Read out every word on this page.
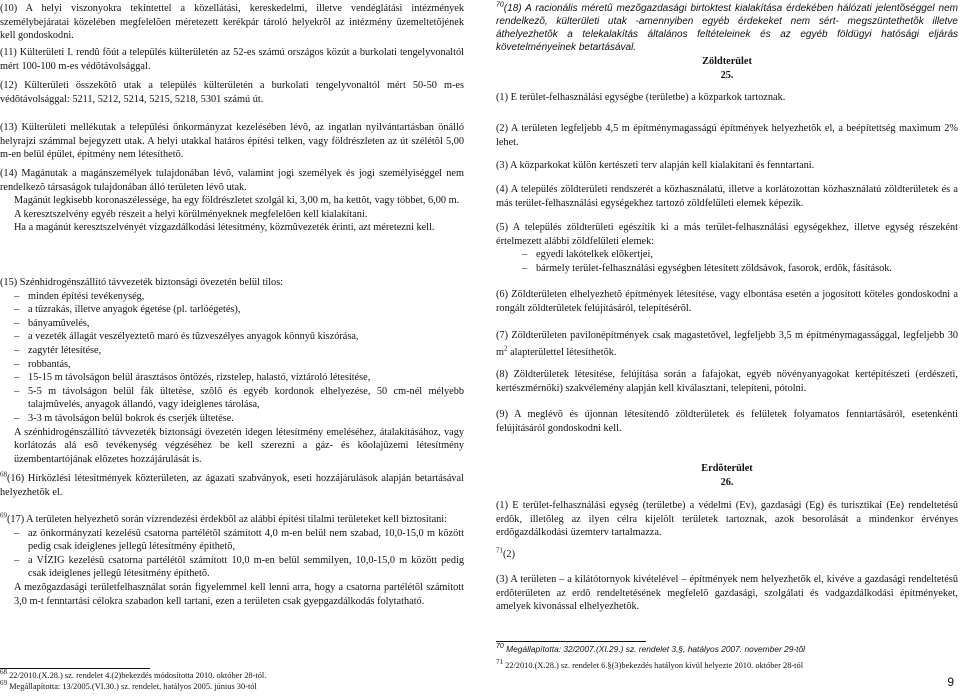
(10) A helyi viszonyokra tekintettel a közellátási, kereskedelmi, illetve vendéglátási intézmények személybejáratai közelében megfelelõen méretezett kerékpár tároló helyekrõl az intézmény üzemeltetõjének kell gondoskodni.

(11) Külterületi I. rendû fõút a település külterületén az 52-es számú országos közút a burkolati tengelyvonaltól mért 100-100 m-es védõtávolsággal.

(12) Külterületi összekötõ utak a település külterületén a burkolati tengelyvonaltól mért 50-50 m-es védõtávolsággal: 5211, 5212, 5214, 5215, 5218, 5301 számú út.

(13) Külterületi mellékutak a települési önkormányzat kezelésében lévõ, az ingatlan nyilvántartásban önálló helyrajzi számmal bejegyzett utak. A helyi utakkal határos építési telken, vagy földrészleten az út szélétõl 5,00 m-en belül épület, építmény nem létesíthetõ.

(14) Magánutak a magánszemélyek tulajdonában lévõ, valamint jogi személyek és jogi személyiséggel nem rendelkezõ társaságok tulajdonában álló területen lévõ utak.

Magánút legkisebb koronaszélessége, ha egy földrészletet szolgál ki, 3,00 m, ha kettõt, vagy többet, 6,00 m.

A keresztszelvény egyéb részeit a helyi körülményeknek megfelelõen kell kialakítani.

Ha a magánút keresztszelvényét vízgazdálkodási létesítmény, közmûvezeték érinti, azt méretezni kell.

(15) Szénhidrogénszállító távvezeték biztonsági övezetén belül tilos:

– minden építési tevékenység,

– a tûzrakás, illetve anyagok égetése (pl. tarlóégetés),

– bányamûvelés,

– a vezeték állagát veszélyeztetõ maró és tûzveszélyes anyagok könnyû kiszórása,

– zagytér létesítése,

– robbantás,

– 15-15 m távolságon belül árasztásos öntözés, rizstelep, halastó, víztároló létesítése,

– 5-5 m távolságon belül fák ültetése, szõlõ és egyéb kordonok elhelyezése, 50 cm-nél mélyebb talajmûvelés, anyagok állandó, vagy ideiglenes tárolása,

– 3-3 m távolságon belül bokrok és cserjék ültetése.

A szénhidrogénszállító távvezeték biztonsági övezetén idegen létesítmény emeléséhez, átalakításához, vagy korlátozás alá esõ tevékenység végzéséhez be kell szerezni a gáz- és kõolajüzemi létesítmény üzembentartójának elõzetes hozzájárulását is.

$^{68}$(16) Hírközlési létesítmények közterületen, az ágazati szabványok, eseti hozzájárulások alapján betartásával helyezhetõk el.

$^{69}$(17) A területen helyezhetõ során vízrendezési érdekbõl az alábbi építési tilalmi területeket kell biztosítani:

– az önkormányzati kezelésû csatorna partélétõl számított 4,0 m-en belül nem szabad, 10,0-15,0 m között pedig csak ideiglenes jellegû létesítmény építhetõ,

– a VÍZIG kezelésû csatorna partélétõl számított 10,0 m-en belül semmilyen, 10,0-15,0 m között pedig csak ideiglenes jellegû létesítmény építhetõ.

A mezõgazdasági területfelhasználat során figyelemmel kell lenni arra, hogy a csatorna partélétõl számított 3,0 m-t fenntartási célokra szabadon kell tartani, ezen a területen csak gyepgazdálkodás folytatható.

$^{68}$ 22/2010.(X.28.) sz. rendelet 4.(2)bekezdés módosította 2010. október 28-tól.
$^{69}$ Megállapította: 13/2005.(VI.30.) sz. rendelet, hatályos 2005. június 30-tól

$^{70}$(18) A racionális méretû mezõgazdasági birtoktest kialakítása érdekében hálózati jelentõséggel nem rendelkezõ, külterületi utak -amennyiben egyéb érdekeket nem sért- megszüntethetõk illetve áthelyezhetõk a telekalakítás általános feltételeinek és az egyéb földügyi hatósági eljárás követelményeinek betartásával.

Zöldterület

25.

(1) E terület-felhasználási egységbe (területbe) a közparkok tartoznak.

(2) A területen legfeljebb 4,5 m építménymagasságú építmények helyezhetõk el, a beépítettség maximum 2% lehet.

(3) A közparkokat külön kertészeti terv alapján kell kialakítani és fenntartani.

(4) A település zöldterületi rendszerét a közhasználatú, illetve a korlátozottan közhasználatú zöldterületek és a más terület-felhasználási egységekhez tartozó zöldfelületi elemek képezik.

(5) A település zöldterületi egészítik ki a más terület-felhasználási egységekhez, illetve egység részeként értelmezett alábbi zöldfelületi elemek:

– egyedi lakótelkek elõkertjei,

– bármely terület-felhasználási egységben létesített zöldsávok, fasorok, erdõk, fásítások.

(6) Zöldterületen elhelyezhetõ építmények létesítése, vagy elbontása esetén a jogosított köteles gondoskodni a rongált zöldterületek felújításáról, telepítésérõl.

(7) Zöldterületen pavilonépítmények csak magastetõvel, legfeljebb 3,5 m építménymagassággal, legfeljebb 30 $m^2$ alapterülettel létesíthetõk.

(8) Zöldterületek létesítése, felújítása során a fafajokat, egyéb növényanyagokat kertépítészeti (erdészeti, kertészmérnöki) szakvélemény alapján kell kiválasztani, telepíteni, pótolni.

(9) A meglévõ és újonnan létesítendõ zöldterületek és felületek folyamatos fenntartásáról, esetenkénti felújításáról gondoskodni kell.

Erdõterület

26.

(1) E terület-felhasználási egység (területbe) a védelmi (Ev), gazdasági (Eg) és turisztikai (Ee) rendeltetésû erdõk, illetõleg az ilyen célra kijelölt területek tartoznak, azok besorolását a mindenkor érvényes erdõgazdálkodási üzemterv tartalmazza.

$^{71}$(2)

(3) A területen – a kilátótornyok kivételével – építmények nem helyezhetõk el, kivéve a gazdasági rendeltetésû erdõterületen az erdõ rendeltetésének megfelelõ gazdasági, szolgálati és vadgazdálkodási építményeket, amelyek kivonással elhelyezhetõk.

$^{70}$ Megállapította: 32/2007.(XI.29.) sz. rendelet 3.§, hatályos 2007. november 29-tõl
$^{71}$ 22/2010.(X.28.) sz. rendelet 6.§(3)bekezdés hatályon kívül helyezte 2010. október 28-tól
9
